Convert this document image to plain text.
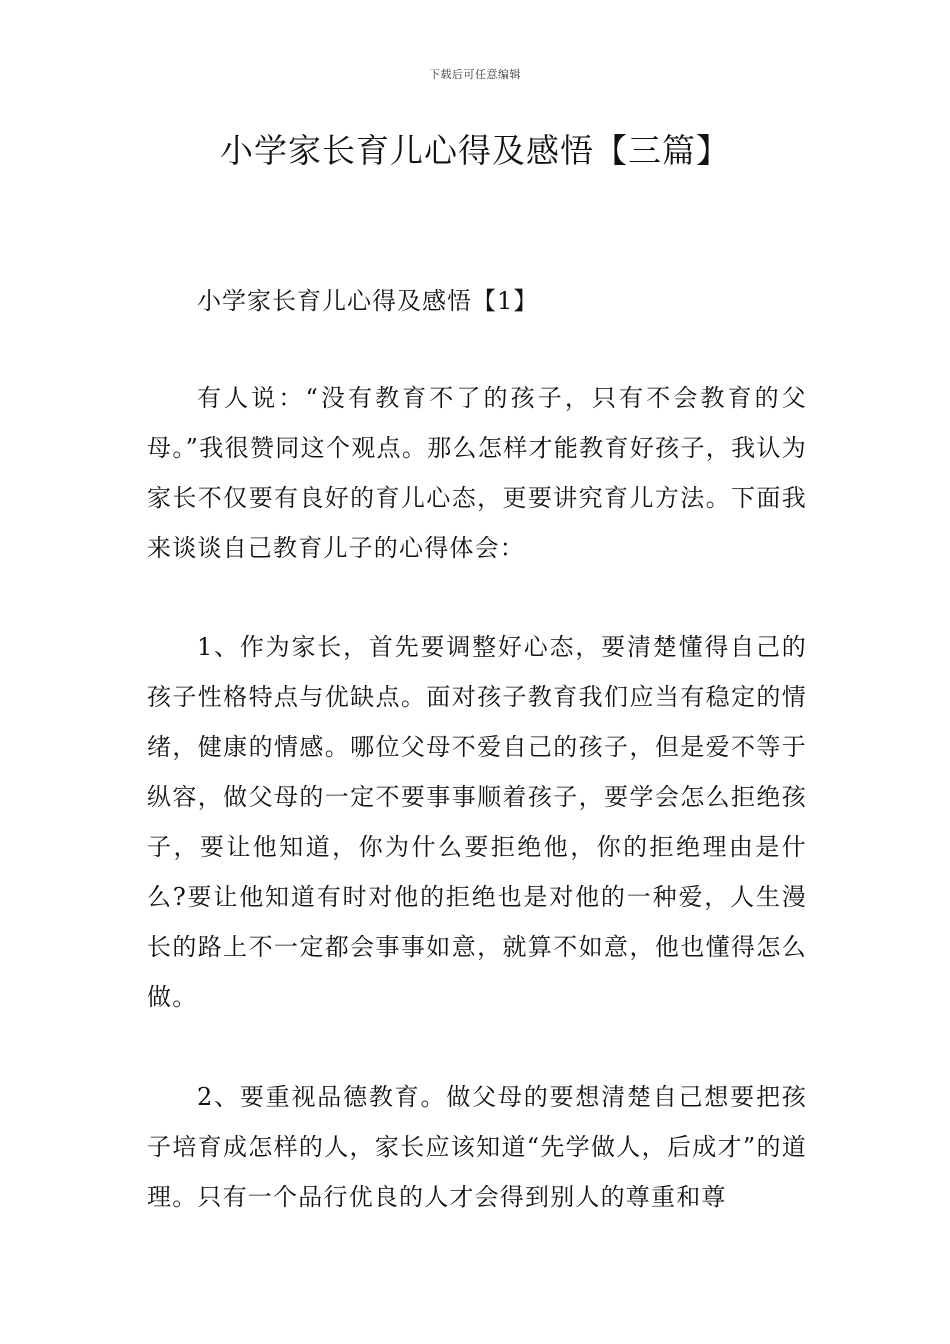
下载后可任意编辑
小学家长育儿心得及感悟【三篇】
小学家长育儿心得及感悟【1】

有人说：“没有教育不了的孩子，只有不会教育的父母。”我很赞同这个观点。那么怎样才能教育好孩子，我认为家长不仅要有良好的育儿心态，更要讲究育儿方法。下面我来谈谈自己教育儿子的心得体会：

1、作为家长，首先要调整好心态，要清楚懂得自己的孩子性格特点与优缺点。面对孩子教育我们应当有稳定的情绪，健康的情感。哪位父母不爱自己的孩子，但是爱不等于纵容，做父母的一定不要事事顺着孩子，要学会怎么拒绝孩子，要让他知道，你为什么要拒绝他，你的拒绝理由是什么?要让他知道有时对他的拒绝也是对他的一种爱，人生漫长的路上不一定都会事事如意，就算不如意，他也懂得怎么做。

2、要重视品德教育。做父母的要想清楚自己想要把孩子培育成怎样的人，家长应该知道“先学做人，后成才”的道理。只有一个品行优良的人才会得到别人的尊重和尊
